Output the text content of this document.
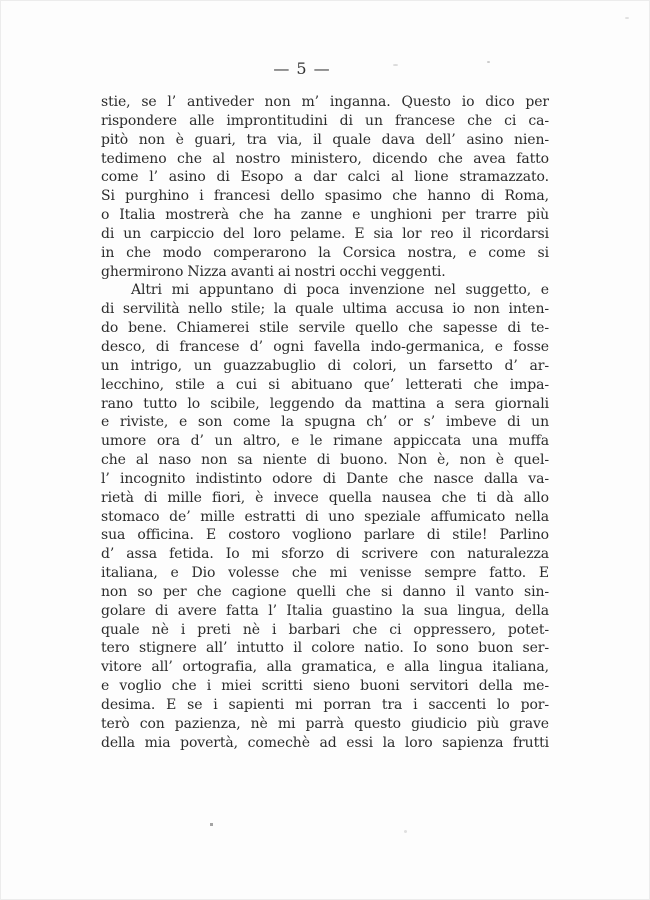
— 5 —
stie, se l’ antiveder non m’ inganna. Questo io dico per
rispondere alle improntitudini di un francese che ci ca-
pitò non è guari, tra via, il quale dava dell’ asino nien-
tedimeno che al nostro ministero, dicendo che avea fatto
come l’ asino di Esopo a dar calci al lione stramazzato.
Si purghino i francesi dello spasimo che hanno di Roma,
o Italia mostrerà che ha zanne e unghioni per trarre più
di un carpiccio del loro pelame. E sia lor reo il ricordarsi
in che modo comperarono la Corsica nostra, e come si
ghermirono Nizza avanti ai nostri occhi veggenti.
Altri mi appuntano di poca invenzione nel suggetto, e
di servilità nello stile; la quale ultima accusa io non inten-
do bene. Chiamerei stile servile quello che sapesse di te-
desco, di francese d’ ogni favella indo-germanica, e fosse
un intrigo, un guazzabuglio di colori, un farsetto d’ ar-
lecchino, stile a cui si abituano que’ letterati che impa-
rano tutto lo scibile, leggendo da mattina a sera giornali
e riviste, e son come la spugna ch’ or s’ imbeve di un
umore ora d’ un altro, e le rimane appiccata una muffa
che al naso non sa niente di buono. Non è, non è quel-
l’ incognito indistinto odore di Dante che nasce dalla va-
rietà di mille fiori, è invece quella nausea che ti dà allo
stomaco de’ mille estratti di uno speziale affumicato nella
sua officina. E costoro vogliono parlare di stile! Parlino
d’ assa fetida. Io mi sforzo di scrivere con naturalezza
italiana, e Dio volesse che mi venisse sempre fatto. E
non so per che cagione quelli che si danno il vanto sin-
golare di avere fatta l’ Italia guastino la sua lingua, della
quale nè i preti nè i barbari che ci oppressero, potet-
tero stignere all’ intutto il colore natio. Io sono buon ser-
vitore all’ ortografia, alla gramatica, e alla lingua italiana,
e voglio che i miei scritti sieno buoni servitori della me-
desima. E se i sapienti mi porran tra i saccenti lo por-
terò con pazienza, nè mi parrà questo giudicio più grave
della mia povertà, comechè ad essi la loro sapienza frutti
